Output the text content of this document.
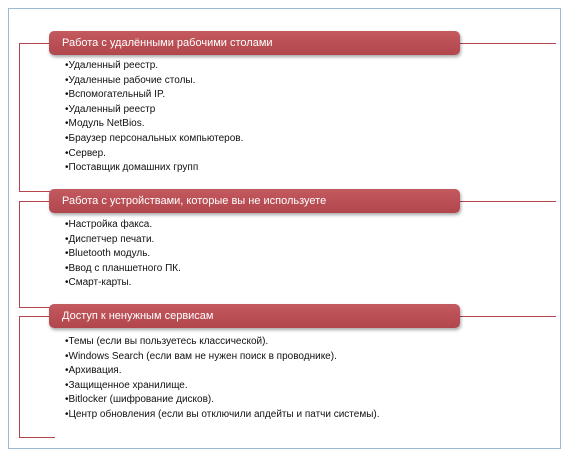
Работа с удалёнными рабочими столами
•Удаленный реестр.
•Удаленные рабочие столы.
•Вспомогательный IP.
•Удаленный реестр
•Модуль NetBios.
•Браузер персональных компьютеров.
•Сервер.
•Поставщик домашних групп
Работа с устройствами, которые вы не используете
•Настройка факса.
•Диспетчер печати.
•Bluetooth модуль.
•Ввод с планшетного ПК.
•Смарт-карты.
Доступ к ненужным сервисам
•Темы (если вы пользуетесь классической).
•Windows Search (если вам не нужен поиск в проводнике).
•Архивация.
•Защищенное хранилище.
•Bitlocker (шифрование дисков).
•Центр обновления (если вы отключили апдейты и патчи системы).
